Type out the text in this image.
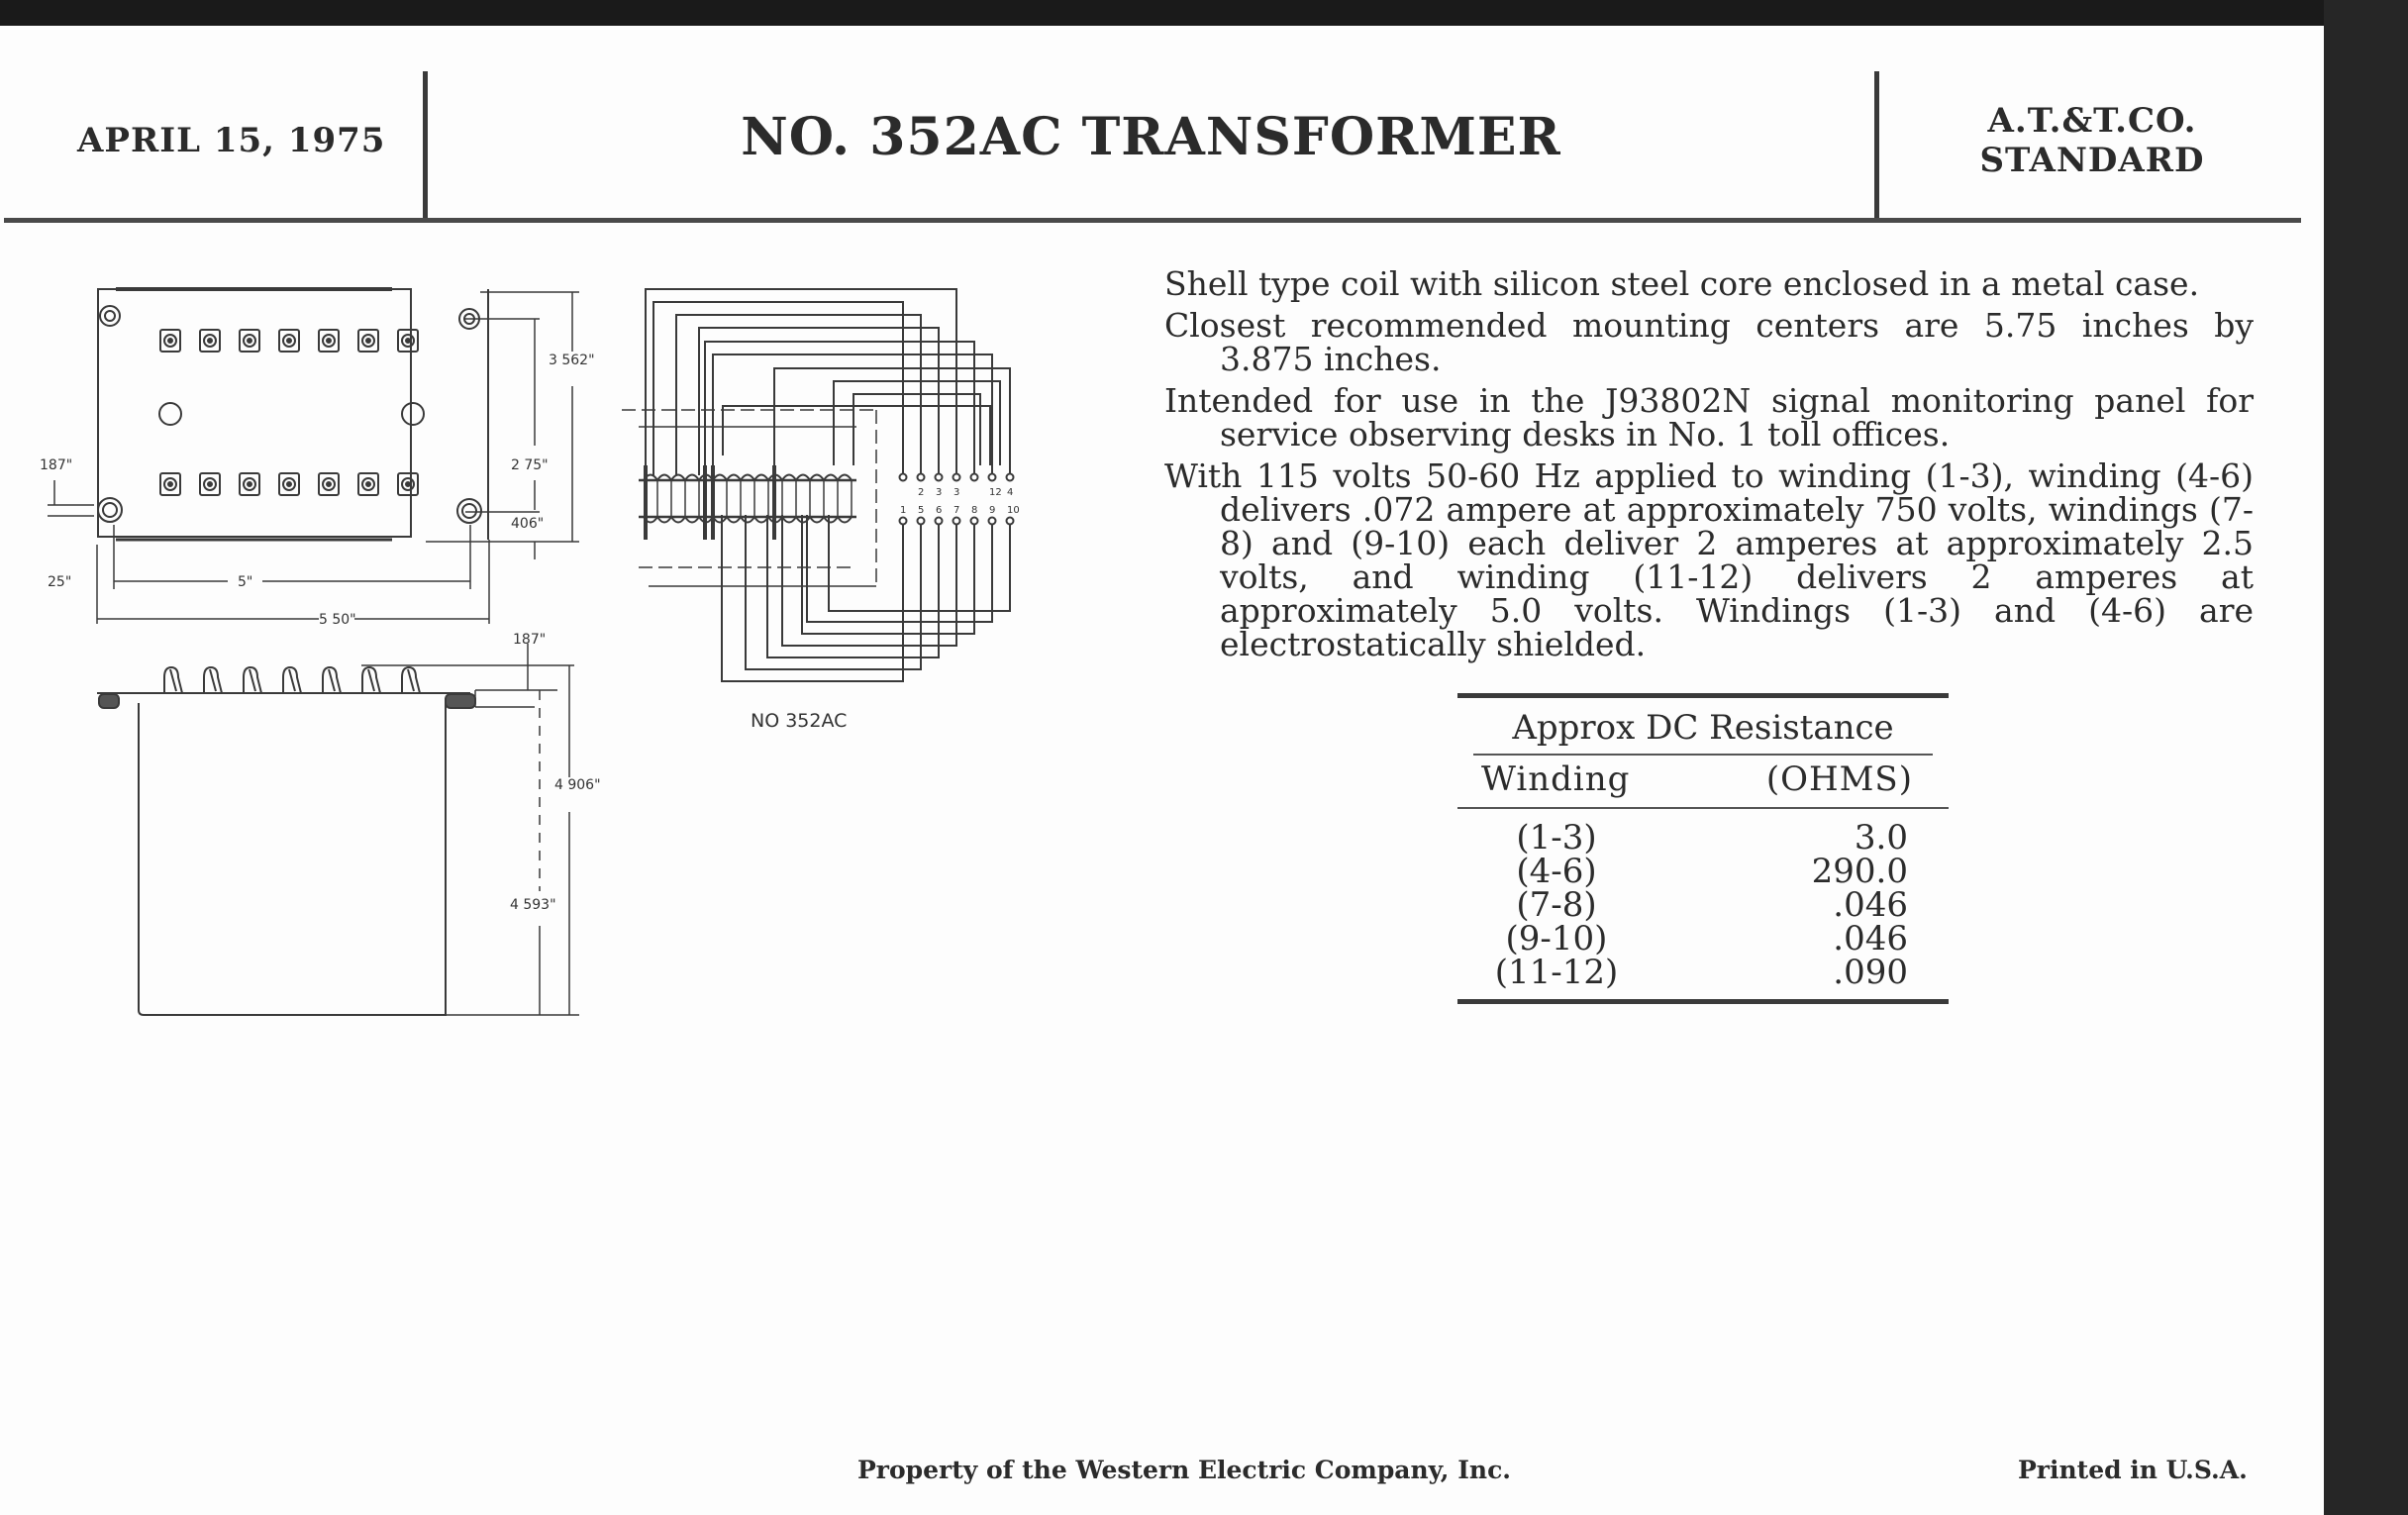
APRIL 15, 1975	NO. 352AC TRANSFORMER	A.T.&T.CO.
STANDARD
3 562"
2 75"
406"
187"
25"	5"
5 50"
187"
4 906"
4 593"
NO 352AC
2 3 3	12 4
1 5 6 7 8 9 10

Shell type coil with silicon steel core enclosed in a metal case.

Closest recommended mounting centers are 5.75 inches by 3.875 inches.

Intended for use in the J93802N signal monitoring panel for service observing desks in No. 1 toll offices.

With 115 volts 50-60 Hz applied to winding (1-3), winding (4-6) delivers .072 ampere at approximately 750 volts, windings (7-8) and (9-10) each deliver 2 amperes at approximately 2.5 volts, and winding (11-12) delivers 2 amperes at approximately 5.0 volts. Windings (1-3) and (4-6) are electrostatically shielded.

Approx DC Resistance
Winding	(OHMS)
(1-3)	3.0
(4-6)	290.0
(7-8)	.046
(9-10)	.046
(11-12)	.090
Property of the Western Electric Company, Inc.	Printed in U.S.A.
